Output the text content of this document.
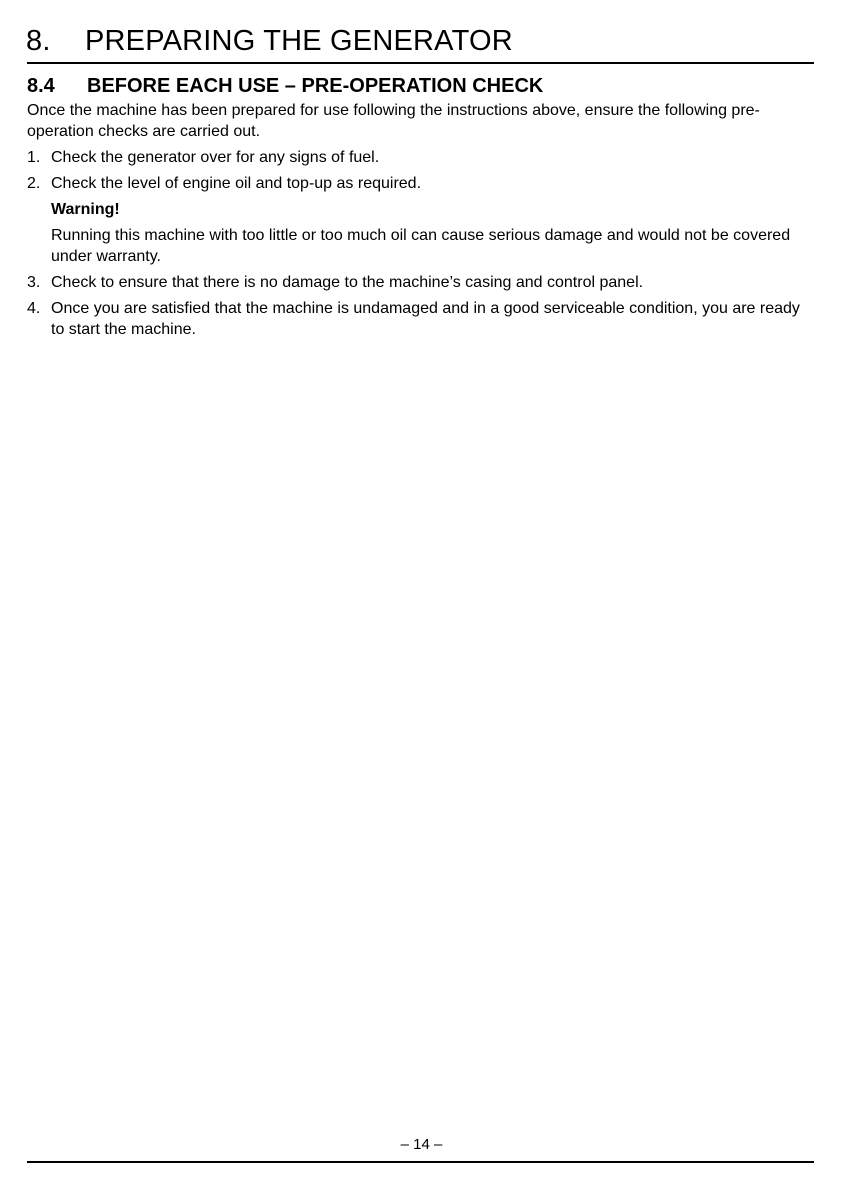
8. PREPARING THE GENERATOR
8.4 BEFORE EACH USE – PRE-OPERATION CHECK

Once the machine has been prepared for use following the instructions above, ensure the following pre-operation checks are carried out.

1. Check the generator over for any signs of fuel.
2. Check the level of engine oil and top-up as required.
Warning!
Running this machine with too little or too much oil can cause serious damage and would not be covered under warranty.
3. Check to ensure that there is no damage to the machine’s casing and control panel.
4. Once you are satisfied that the machine is undamaged and in a good serviceable condition, you are ready to start the machine.
– 14 –
